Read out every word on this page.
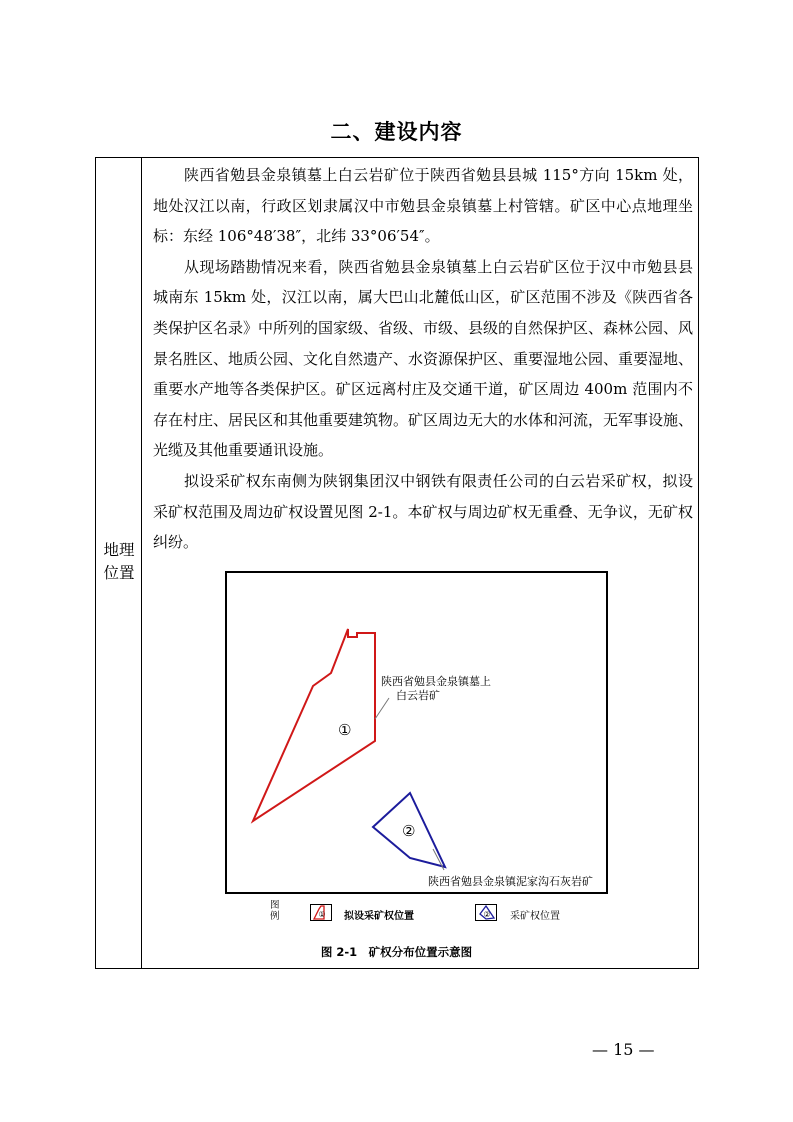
二、建设内容
地理位置

陕西省勉县金泉镇墓上白云岩矿位于陕西省勉县县城 115°方向 15km 处，地处汉江以南，行政区划隶属汉中市勉县金泉镇墓上村管辖。矿区中心点地理坐标：东经 106°48′38″，北纬 33°06′54″。

从现场踏勘情况来看，陕西省勉县金泉镇墓上白云岩矿区位于汉中市勉县县城南东 15km 处，汉江以南，属大巴山北麓低山区，矿区范围不涉及《陕西省各类保护区名录》中所列的国家级、省级、市级、县级的自然保护区、森林公园、风景名胜区、地质公园、文化自然遗产、水资源保护区、重要湿地公园、重要湿地、重要水产地等各类保护区。矿区远离村庄及交通干道，矿区周边 400m 范围内不存在村庄、居民区和其他重要建筑物。矿区周边无大的水体和河流，无军事设施、光缆及其他重要通讯设施。

拟设采矿权东南侧为陕钢集团汉中钢铁有限责任公司的白云岩采矿权，拟设采矿权范围及周边矿权设置见图 2-1。本矿权与周边矿权无重叠、无争议，无矿权纠纷。

陕西省勉县金泉镇墓上
白云岩矿
①
②
陕西省勉县金泉镇泥家沟石灰岩矿
图例	① 拟设采矿权位置	② 采矿权位置
图 2-1　矿权分布位置示意图
— 15 —
